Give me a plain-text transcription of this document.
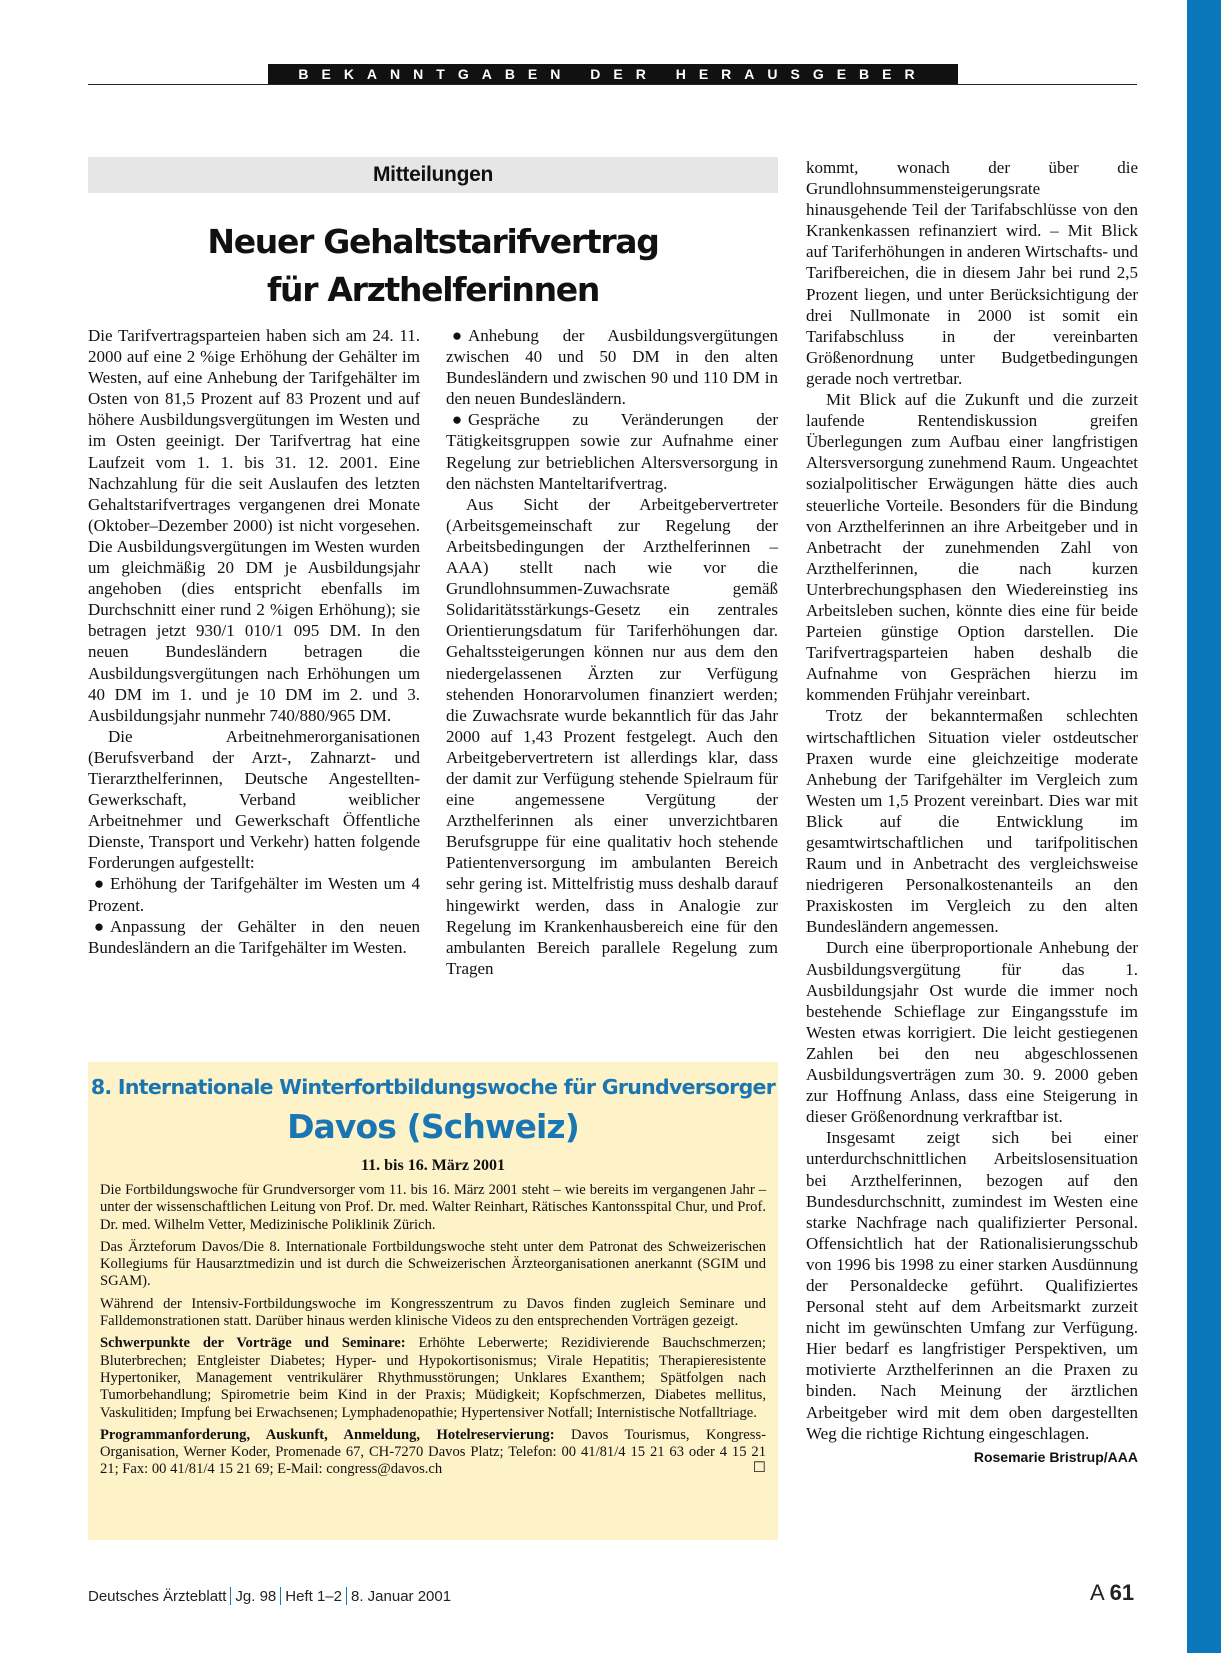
BEKANNTGABEN DER HERAUSGEBER
Mitteilungen
Neuer Gehaltstarifvertrag
für Arzthelferinnen

Die Tarifvertragsparteien haben sich am 24. 11. 2000 auf eine 2 %ige Erhöhung der Gehälter im Westen, auf eine Anhebung der Tarifgehälter im Osten von 81,5 Prozent auf 83 Prozent und auf höhere Ausbildungsvergütungen im Westen und im Osten geeinigt. Der Tarifvertrag hat eine Laufzeit vom 1. 1. bis 31. 12. 2001. Eine Nachzahlung für die seit Auslaufen des letzten Gehaltstarifvertrages vergangenen drei Monate (Oktober–Dezember 2000) ist nicht vorgesehen. Die Ausbildungsvergütungen im Westen wurden um gleichmäßig 20 DM je Ausbildungsjahr angehoben (dies entspricht ebenfalls im Durchschnitt einer rund 2 %igen Erhöhung); sie betragen jetzt 930/1 010/1 095 DM. In den neuen Bundesländern betragen die Ausbildungsvergütungen nach Erhöhungen um 40 DM im 1. und je 10 DM im 2. und 3. Ausbildungsjahr nunmehr 740/880/965 DM.

Die Arbeitnehmerorganisationen (Berufsverband der Arzt-, Zahnarzt- und Tierarzthelferinnen, Deutsche Angestellten-Gewerkschaft, Verband weiblicher Arbeitnehmer und Gewerkschaft Öffentliche Dienste, Transport und Verkehr) hatten folgende Forderungen aufgestellt:

● Erhöhung der Tarifgehälter im Westen um 4 Prozent.

● Anpassung der Gehälter in den neuen Bundesländern an die Tarifgehälter im Westen.

● Anhebung der Ausbildungsvergütungen zwischen 40 und 50 DM in den alten Bundesländern und zwischen 90 und 110 DM in den neuen Bundesländern.

● Gespräche zu Veränderungen der Tätigkeitsgruppen sowie zur Aufnahme einer Regelung zur betrieblichen Altersversorgung in den nächsten Manteltarifvertrag.

Aus Sicht der Arbeitgebervertreter (Arbeitsgemeinschaft zur Regelung der Arbeitsbedingungen der Arzthelferinnen – AAA) stellt nach wie vor die Grundlohnsummen-Zuwachsrate gemäß Solidaritätsstärkungs-Gesetz ein zentrales Orientierungsdatum für Tariferhöhungen dar. Gehaltssteigerungen können nur aus dem den niedergelassenen Ärzten zur Verfügung stehenden Honorarvolumen finanziert werden; die Zuwachsrate wurde bekanntlich für das Jahr 2000 auf 1,43 Prozent festgelegt. Auch den Arbeitgebervertretern ist allerdings klar, dass der damit zur Verfügung stehende Spielraum für eine angemessene Vergütung der Arzthelferinnen als einer unverzichtbaren Berufsgruppe für eine qualitativ hoch stehende Patientenversorgung im ambulanten Bereich sehr gering ist. Mittelfristig muss deshalb darauf hingewirkt werden, dass in Analogie zur Regelung im Krankenhausbereich eine für den ambulanten Bereich parallele Regelung zum Tragen

kommt, wonach der über die Grundlohnsummensteigerungsrate hinausgehende Teil der Tarifabschlüsse von den Krankenkassen refinanziert wird. – Mit Blick auf Tariferhöhungen in anderen Wirtschafts- und Tarifbereichen, die in diesem Jahr bei rund 2,5 Prozent liegen, und unter Berücksichtigung der drei Nullmonate in 2000 ist somit ein Tarifabschluss in der vereinbarten Größenordnung unter Budgetbedingungen gerade noch vertretbar.

Mit Blick auf die Zukunft und die zurzeit laufende Rentendiskussion greifen Überlegungen zum Aufbau einer langfristigen Altersversorgung zunehmend Raum. Ungeachtet sozialpolitischer Erwägungen hätte dies auch steuerliche Vorteile. Besonders für die Bindung von Arzthelferinnen an ihre Arbeitgeber und in Anbetracht der zunehmenden Zahl von Arzthelferinnen, die nach kurzen Unterbrechungsphasen den Wiedereinstieg ins Arbeitsleben suchen, könnte dies eine für beide Parteien günstige Option darstellen. Die Tarifvertragsparteien haben deshalb die Aufnahme von Gesprächen hierzu im kommenden Frühjahr vereinbart.

Trotz der bekanntermaßen schlechten wirtschaftlichen Situation vieler ostdeutscher Praxen wurde eine gleichzeitige moderate Anhebung der Tarifgehälter im Vergleich zum Westen um 1,5 Prozent vereinbart. Dies war mit Blick auf die Entwicklung im gesamtwirtschaftlichen und tarifpolitischen Raum und in Anbetracht des vergleichsweise niedrigeren Personalkostenanteils an den Praxiskosten im Vergleich zu den alten Bundesländern angemessen.

Durch eine überproportionale Anhebung der Ausbildungsvergütung für das 1. Ausbildungsjahr Ost wurde die immer noch bestehende Schieflage zur Eingangsstufe im Westen etwas korrigiert. Die leicht gestiegenen Zahlen bei den neu abgeschlossenen Ausbildungsverträgen zum 30. 9. 2000 geben zur Hoffnung Anlass, dass eine Steigerung in dieser Größenordnung verkraftbar ist.

Insgesamt zeigt sich bei einer unterdurchschnittlichen Arbeitslosensituation bei Arzthelferinnen, bezogen auf den Bundesdurchschnitt, zumindest im Westen eine starke Nachfrage nach qualifizierter Personal. Offensichtlich hat der Rationalisierungsschub von 1996 bis 1998 zu einer starken Ausdünnung der Personaldecke geführt. Qualifiziertes Personal steht auf dem Arbeitsmarkt zurzeit nicht im gewünschten Umfang zur Verfügung. Hier bedarf es langfristiger Perspektiven, um motivierte Arzthelferinnen an die Praxen zu binden. Nach Meinung der ärztlichen Arbeitgeber wird mit dem oben dargestellten Weg die richtige Richtung eingeschlagen.
Rosemarie Bristrup/AAA

8. Internationale Winterfortbildungswoche für Grundversorger
Davos (Schweiz)
11. bis 16. März 2001

Die Fortbildungswoche für Grundversorger vom 11. bis 16. März 2001 steht – wie bereits im vergangenen Jahr – unter der wissenschaftlichen Leitung von Prof. Dr. med. Walter Reinhart, Rätisches Kantonsspital Chur, und Prof. Dr. med. Wilhelm Vetter, Medizinische Poliklinik Zürich.

Das Ärzteforum Davos/Die 8. Internationale Fortbildungswoche steht unter dem Patronat des Schweizerischen Kollegiums für Hausarztmedizin und ist durch die Schweizerischen Ärzteorganisationen anerkannt (SGIM und SGAM).

Während der Intensiv-Fortbildungswoche im Kongresszentrum zu Davos finden zugleich Seminare und Falldemonstrationen statt. Darüber hinaus werden klinische Videos zu den entsprechenden Vorträgen gezeigt.

Schwerpunkte der Vorträge und Seminare: Erhöhte Leberwerte; Rezidivierende Bauchschmerzen; Bluterbrechen; Entgleister Diabetes; Hyper- und Hypokortisonismus; Virale Hepatitis; Therapieresistente Hypertoniker, Management ventrikulärer Rhythmusstörungen; Unklares Exanthem; Spätfolgen nach Tumorbehandlung; Spirometrie beim Kind in der Praxis; Müdigkeit; Kopfschmerzen, Diabetes mellitus, Vaskulitiden; Impfung bei Erwachsenen; Lymphadenopathie; Hypertensiver Notfall; Internistische Notfalltriage.

Programmanforderung, Auskunft, Anmeldung, Hotelreservierung: Davos Tourismus, Kongress-Organisation, Werner Koder, Promenade 67, CH-7270 Davos Platz; Telefon: 00 41/81/4 15 21 63 oder 4 15 21 21; Fax: 00 41/81/4 15 21 69; E-Mail: congress@davos.ch	☐

Deutsches Ärzteblatt Jg. 98 Heft 1–2 8. Januar 2001	A 61
